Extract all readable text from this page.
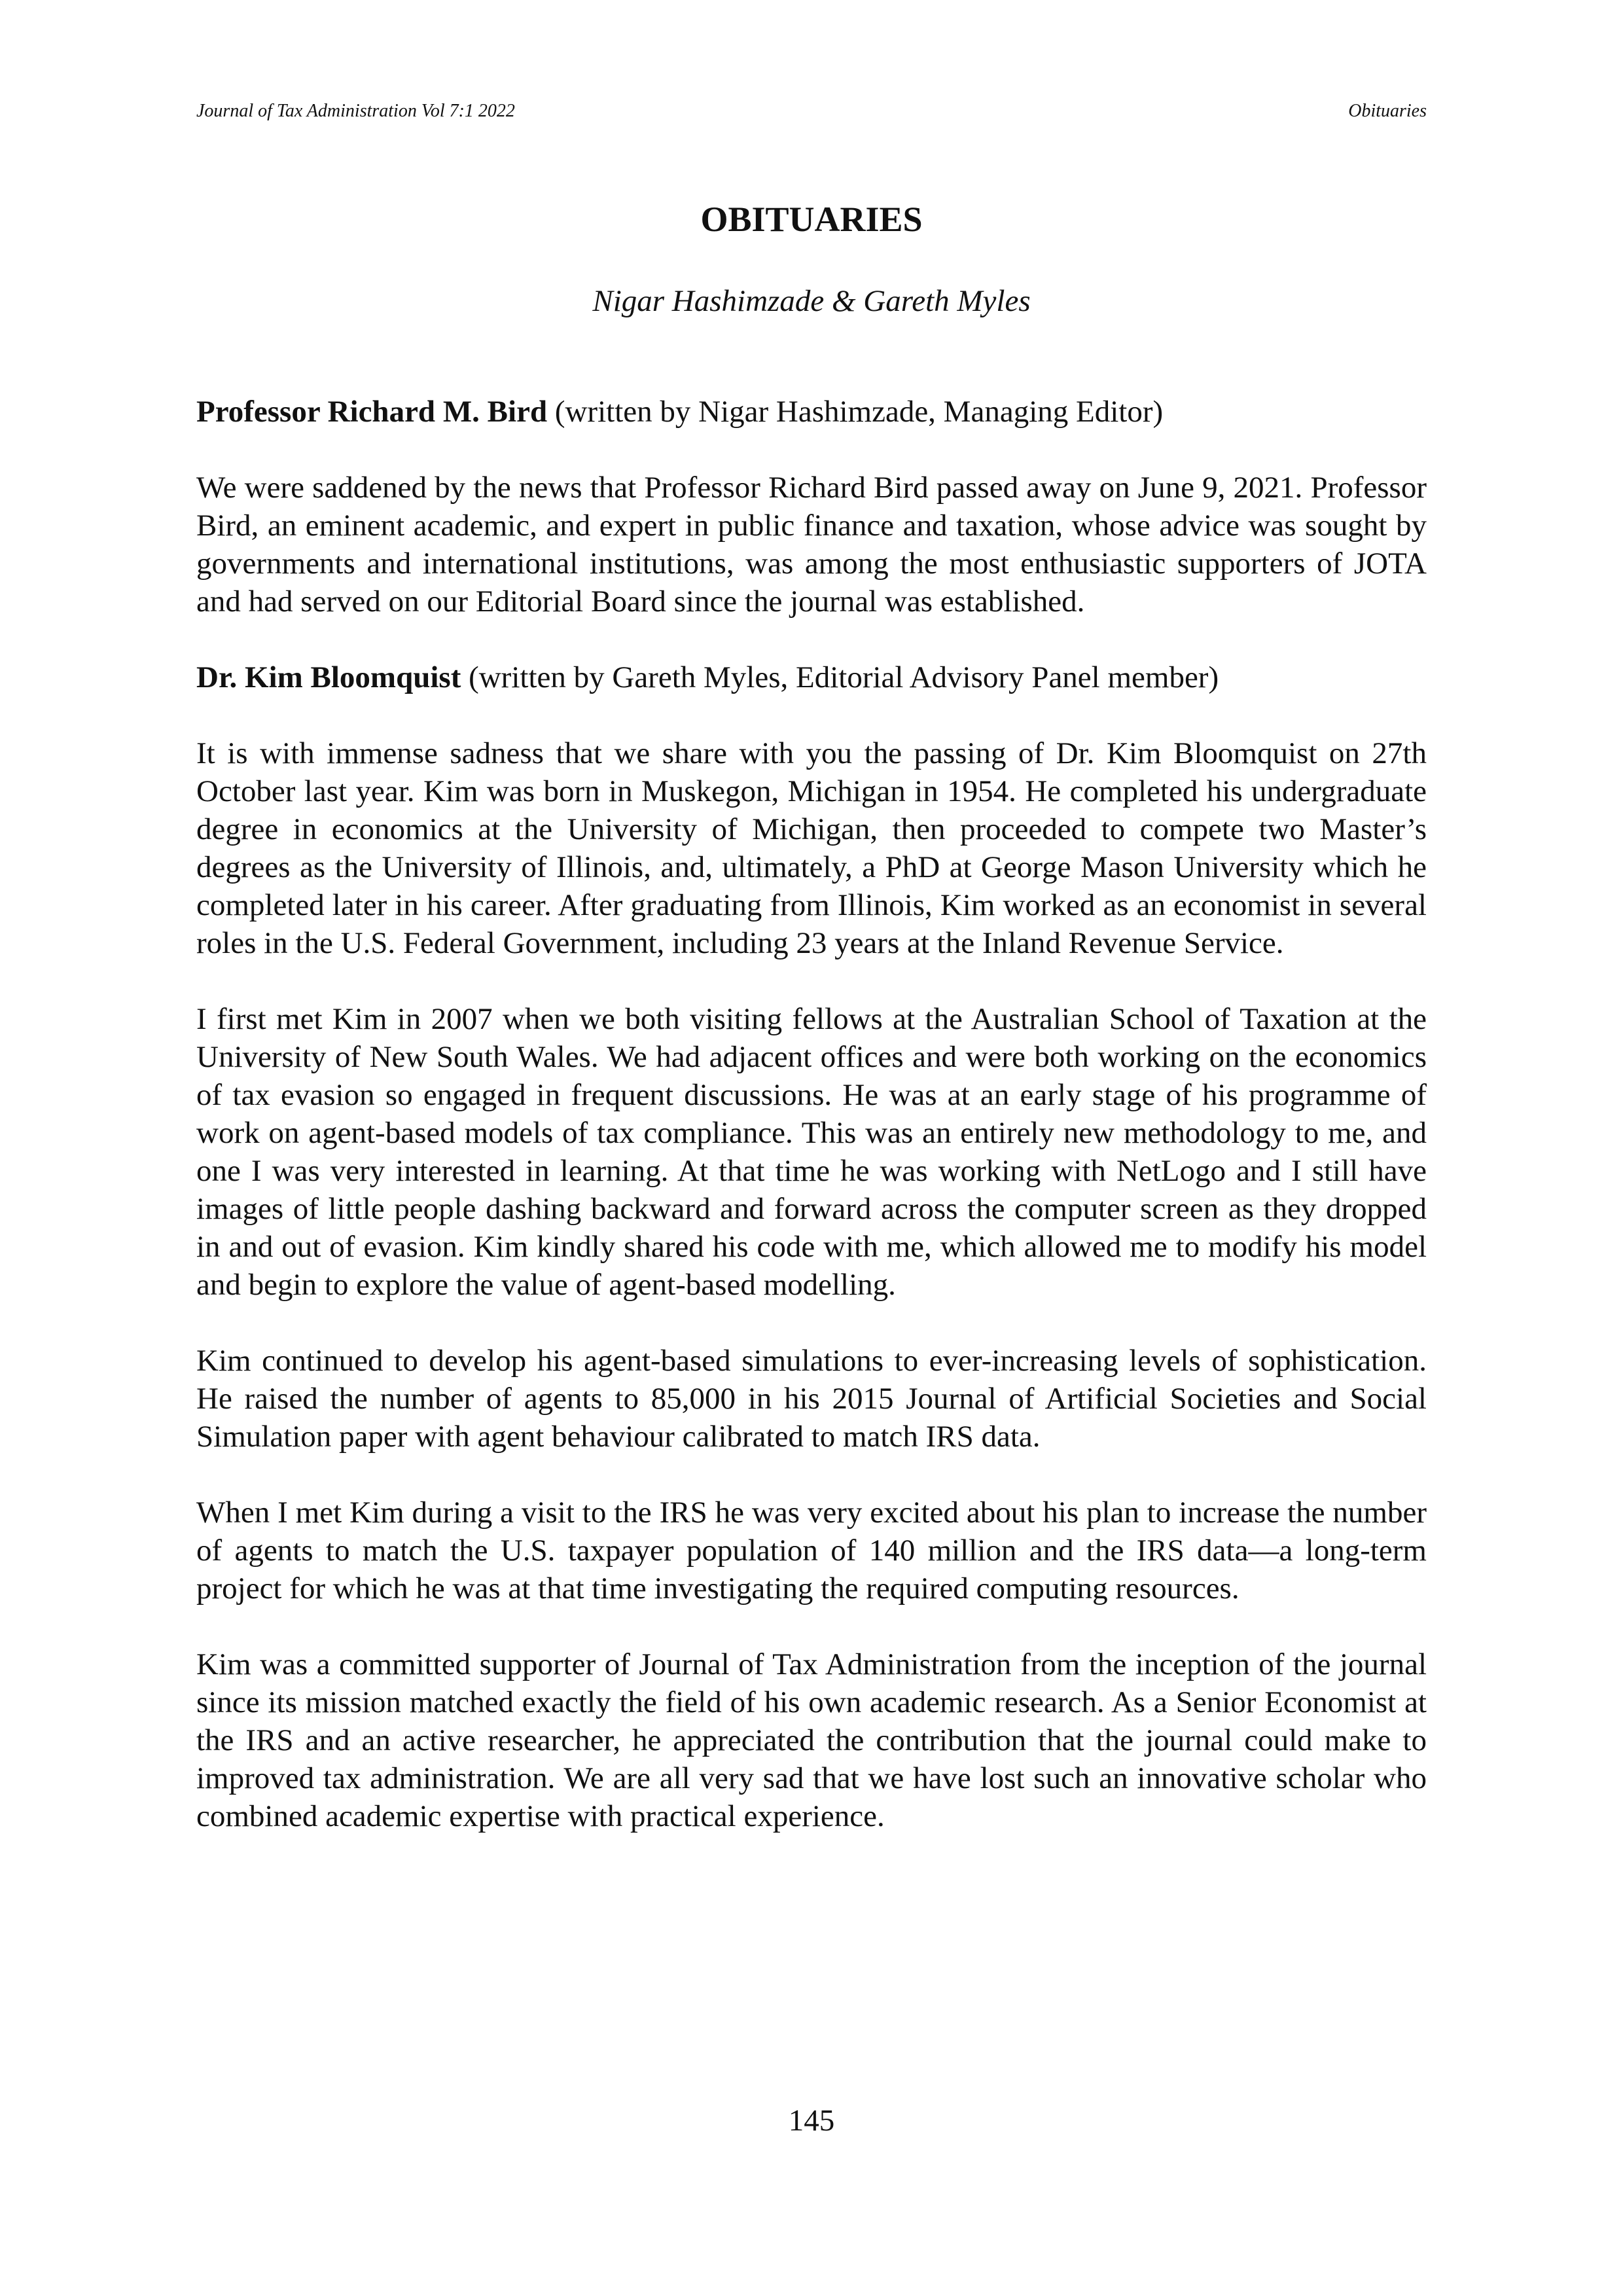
Journal of Tax Administration Vol 7:1 2022	Obituaries
OBITUARIES
Nigar Hashimzade & Gareth Myles

Professor Richard M. Bird (written by Nigar Hashimzade, Managing Editor)

We were saddened by the news that Professor Richard Bird passed away on June 9, 2021. Professor Bird, an eminent academic, and expert in public finance and taxation, whose advice was sought by governments and international institutions, was among the most enthusiastic supporters of JOTA and had served on our Editorial Board since the journal was established.

Dr. Kim Bloomquist (written by Gareth Myles, Editorial Advisory Panel member)

It is with immense sadness that we share with you the passing of Dr. Kim Bloomquist on 27th October last year. Kim was born in Muskegon, Michigan in 1954. He completed his undergraduate degree in economics at the University of Michigan, then proceeded to compete two Master’s degrees as the University of Illinois, and, ultimately, a PhD at George Mason University which he completed later in his career. After graduating from Illinois, Kim worked as an economist in several roles in the U.S. Federal Government, including 23 years at the Inland Revenue Service.

I first met Kim in 2007 when we both visiting fellows at the Australian School of Taxation at the University of New South Wales. We had adjacent offices and were both working on the economics of tax evasion so engaged in frequent discussions. He was at an early stage of his programme of work on agent-based models of tax compliance. This was an entirely new methodology to me, and one I was very interested in learning. At that time he was working with NetLogo and I still have images of little people dashing backward and forward across the computer screen as they dropped in and out of evasion. Kim kindly shared his code with me, which allowed me to modify his model and begin to explore the value of agent-based modelling.

Kim continued to develop his agent-based simulations to ever-increasing levels of sophistication. He raised the number of agents to 85,000 in his 2015 Journal of Artificial Societies and Social Simulation paper with agent behaviour calibrated to match IRS data.

When I met Kim during a visit to the IRS he was very excited about his plan to increase the number of agents to match the U.S. taxpayer population of 140 million and the IRS data—a long-term project for which he was at that time investigating the required computing resources.

Kim was a committed supporter of Journal of Tax Administration from the inception of the journal since its mission matched exactly the field of his own academic research. As a Senior Economist at the IRS and an active researcher, he appreciated the contribution that the journal could make to improved tax administration. We are all very sad that we have lost such an innovative scholar who combined academic expertise with practical experience.

145
